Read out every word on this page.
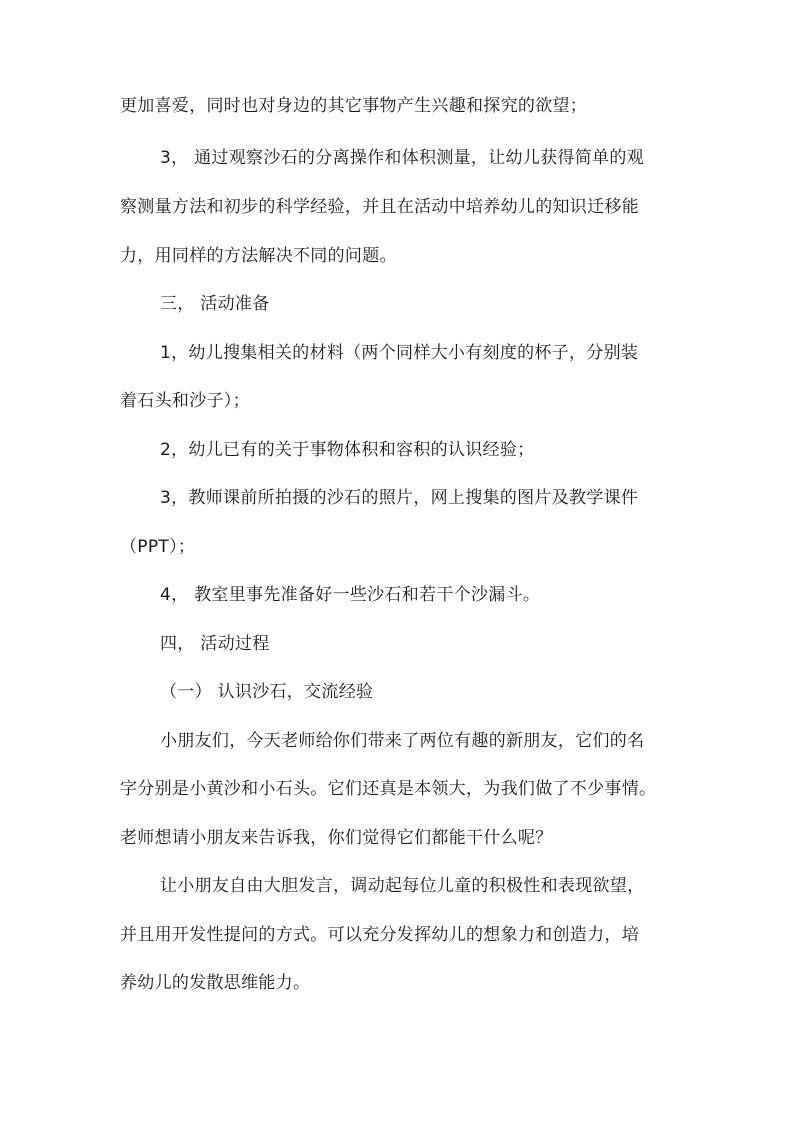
更加喜爱，同时也对身边的其它事物产生兴趣和探究的欲望；
3， 通过观察沙石的分离操作和体积测量，让幼儿获得简单的观
察测量方法和初步的科学经验，并且在活动中培养幼儿的知识迁移能
力，用同样的方法解决不同的问题。
三， 活动准备
1，幼儿搜集相关的材料（两个同样大小有刻度的杯子，分别装
着石头和沙子）；
2，幼儿已有的关于事物体积和容积的认识经验；
3，教师课前所拍摄的沙石的照片，网上搜集的图片及教学课件
（PPT）；
4， 教室里事先准备好一些沙石和若干个沙漏斗。
四， 活动过程
（一） 认识沙石，交流经验
小朋友们，今天老师给你们带来了两位有趣的新朋友，它们的名
字分别是小黄沙和小石头。它们还真是本领大，为我们做了不少事情。
老师想请小朋友来告诉我，你们觉得它们都能干什么呢？
让小朋友自由大胆发言，调动起每位儿童的积极性和表现欲望，
并且用开发性提问的方式。可以充分发挥幼儿的想象力和创造力，培
养幼儿的发散思维能力。
